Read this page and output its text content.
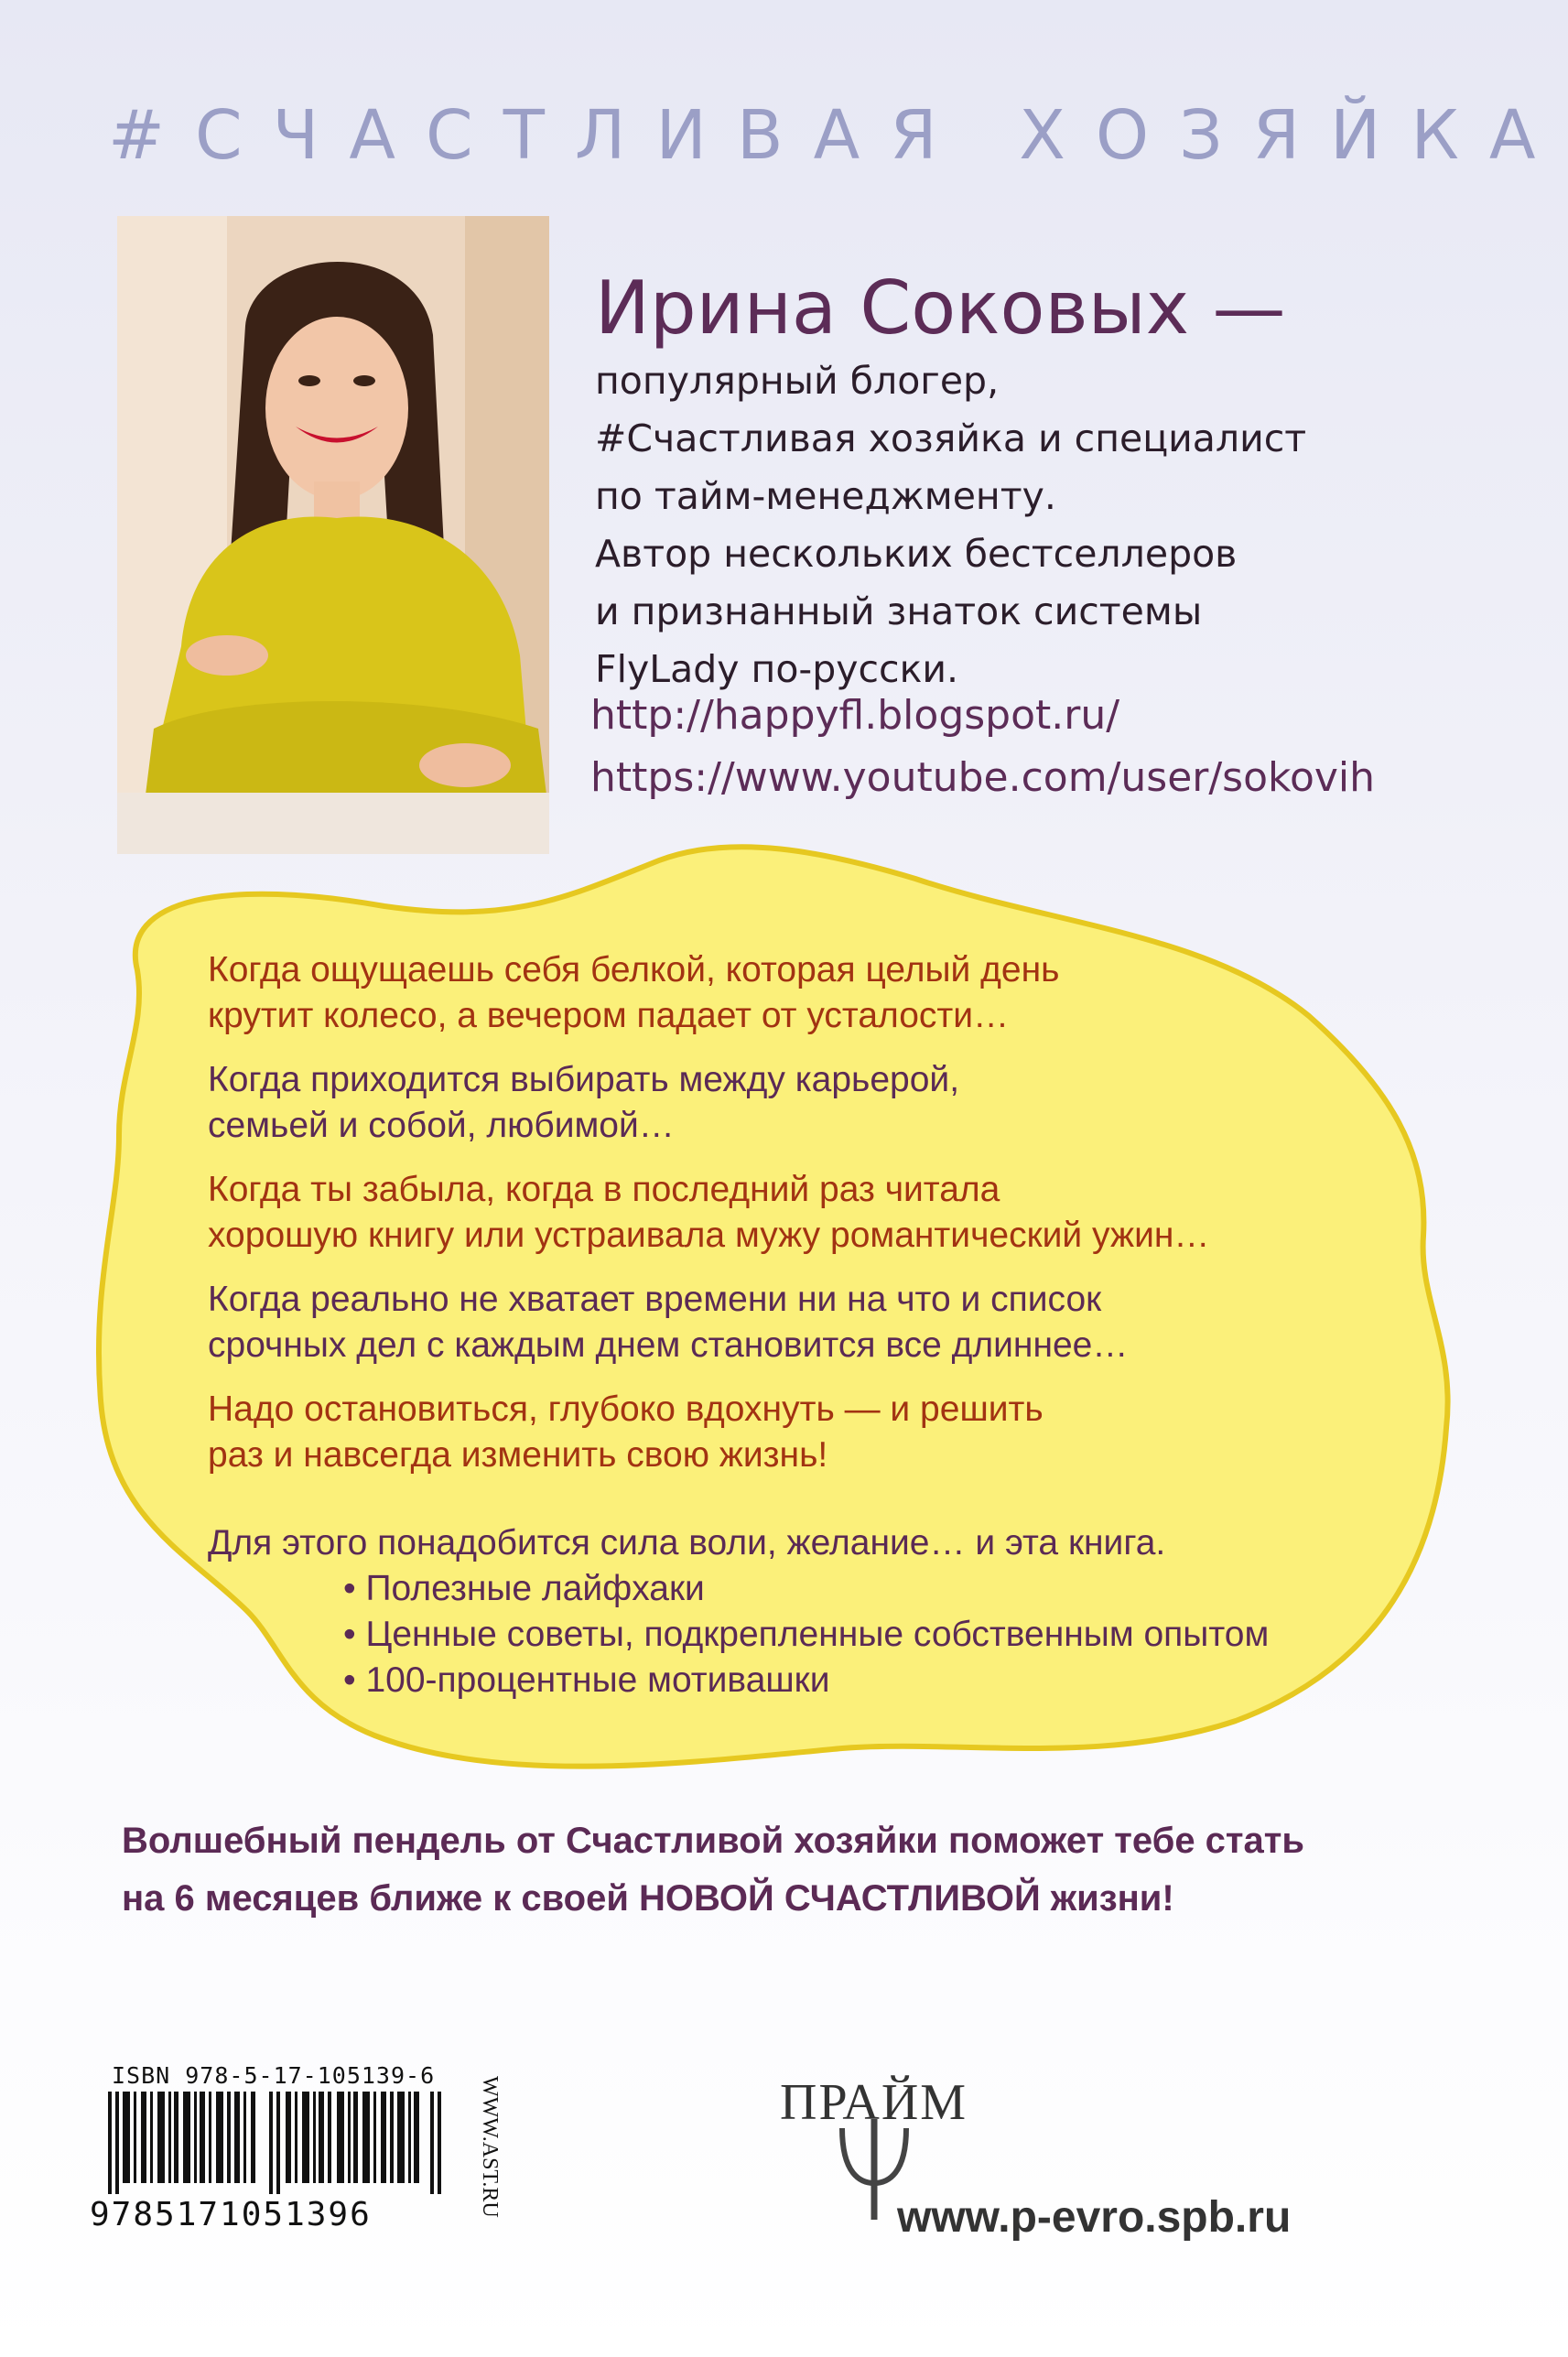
#СЧАСТЛИВАЯ ХОЗЯЙКА
Ирина Соковых —
популярный блогер,
#Счастливая хозяйка и специалист
по тайм-менеджменту.
Автор нескольких бестселлеров
и признанный знаток системы
FlyLady по-русски.
http://happyfl.blogspot.ru/
https://www.youtube.com/user/sokovih
Когда ощущаешь себя белкой, которая целый день
крутит колесо, а вечером падает от усталости…
Когда приходится выбирать между карьерой,
семьей и собой, любимой…
Когда ты забыла, когда в последний раз читала
хорошую книгу или устраивала мужу романтический ужин…
Когда реально не хватает времени ни на что и список
срочных дел с каждым днем становится все длиннее…
Надо остановиться, глубоко вдохнуть — и решить
раз и навсегда изменить свою жизнь!
Для этого понадобится сила воли, желание… и эта книга.
• Полезные лайфхаки
• Ценные советы, подкрепленные собственным опытом
• 100-процентные мотивашки
Волшебный пендель от Счастливой хозяйки поможет тебе стать
на 6 месяцев ближе к своей НОВОЙ СЧАСТЛИВОЙ жизни!
ISBN 978-5-17-105139-6
9785171051396	WWW.AST.RU	ПРАЙМ
www.p-evro.spb.ru
